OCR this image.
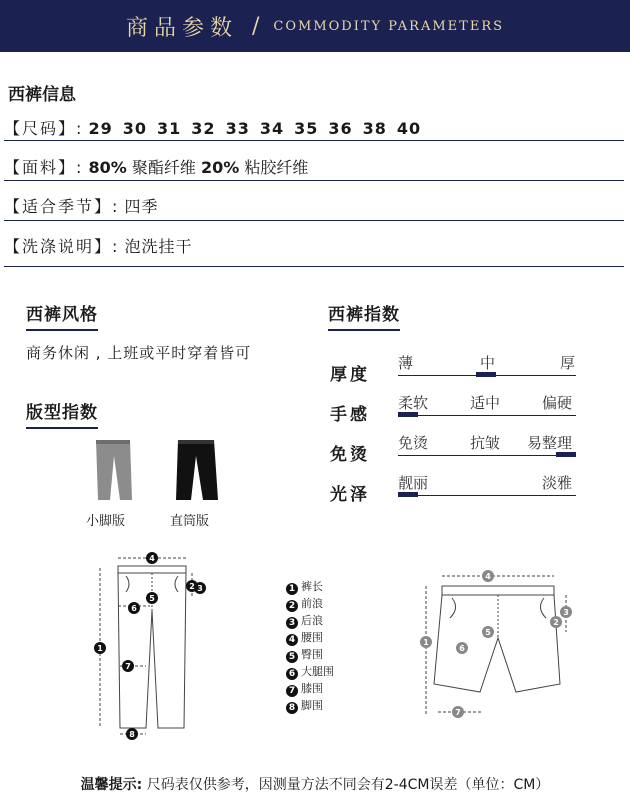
商品参数 / COMMODITY PARAMETERS
西裤信息
【尺码】: 29 30 31 32 33 34 35 36 38 40
【面料】: 80% 聚酯纤维 20% 粘胶纤维
【适合季节】: 四季
【洗涤说明】: 泡洗挂干
西裤风格
商务休闲 , 上班或平时穿着皆可
版型指数
小脚版	直筒版
西裤指数
厚度
薄	中	厚
手感
柔软	适中	偏硬
免烫
免烫	抗皱 易整理
光泽
靓丽	淡雅
1
4
5
3
6
7
8
2	1 裤长
2 前浪
3 后浪
4 腰围
5 臀围
6 大腿围
7 膝围
8 脚围
1
4
5
2
3
6
7
温馨提示: 尺码表仅供参考，因测量方法不同会有2-4CM误差（单位：CM）
